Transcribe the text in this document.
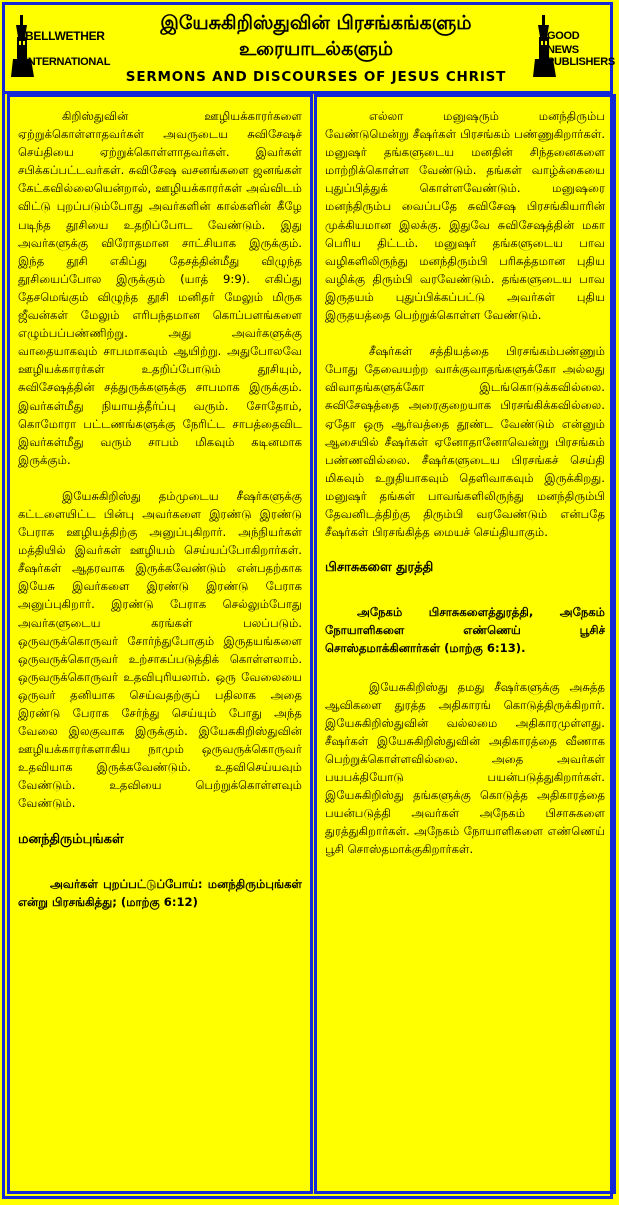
BELLWETHER
INTERNATIONAL
இயேசுகிறிஸ்துவின் பிரசங்கங்களும்
உரையாடல்களும்
SERMONS AND DISCOURSES OF JESUS CHRIST
GOOD NEWS
PUBLISHERS

கிறிஸ்துவின் ஊழியக்காரர்களை ஏற்றுக்கொள்ளாதவர்கள் அவருடைய சுவிசேஷச் செய்தியை ஏற்றுக்கொள்ளாதவர்கள். இவர்கள் சபிக்கப்பட்டவர்கள். சுவிசேஷ வசனங்களை ஜனங்கள் கேட்கவில்லையென்றால், ஊழியக்காரர்கள் அவ்விடம் விட்டு புறப்படும்போது அவர்களின் கால்களின் கீழே படிந்த தூசியை உதறிப்போட வேண்டும். இது அவர்களுக்கு விரோதமான சாட்சியாக இருக்கும். இந்த தூசி எகிப்து தேசத்தின்மீது விழுந்த தூசியைப்போல இருக்கும் (யாத் 9:9). எகிப்து தேசமெங்கும் விழுந்த தூசி மனிதர் மேலும் மிருக ஜீவன்கள் மேலும் எரிபந்தமான கொப்பளங்களை எழும்பப்பண்ணிற்று. அது அவர்களுக்கு வாதையாகவும் சாபமாகவும் ஆயிற்று. அதுபோலவே ஊழியக்காரர்கள் உதறிப்போடும் தூசியும், சுவிசேஷத்தின் சத்துருக்களுக்கு சாபமாக இருக்கும். இவர்கள்மீது நியாயத்தீர்ப்பு வரும். சோதோம், கொமோரா பட்டணங்களுக்கு நேரிட்ட சாபத்தைவிட இவர்கள்மீது வரும் சாபம் மிகவும் கடினமாக இருக்கும்.

இயேசுகிறிஸ்து தம்முடைய சீஷர்களுக்கு கட்டளையிட்ட பின்பு அவர்களை இரண்டு இரண்டு பேராக ஊழியத்திற்கு அனுப்புகிறார். அந்நியர்கள் மத்தியில் இவர்கள் ஊழியம் செய்யப்போகிறார்கள். சீஷர்கள் ஆதரவாக இருக்கவேண்டும் என்பதற்காக இயேசு இவர்களை இரண்டு இரண்டு பேராக அனுப்புகிறார். இரண்டு பேராக செல்லும்போது அவர்களுடைய கரங்கள் பலப்படும். ஒருவருக்கொருவர் சோர்ந்துபோகும் இருதயங்களை ஒருவருக்கொருவர் உற்சாகப்படுத்திக் கொள்ளலாம். ஒருவருக்கொருவர் உதவிபுரியலாம். ஒரு வேலையை ஒருவர் தனியாக செய்வதற்குப் பதிலாக அதை இரண்டு பேராக சேர்ந்து செய்யும் போது அந்த வேலை இலகுவாக இருக்கும். இயேசுகிறிஸ்துவின் ஊழியக்காரர்களாகிய நாமும் ஒருவருக்கொருவர் உதவியாக இருக்கவேண்டும். உதவிசெய்யவும் வேண்டும். உதவியை பெற்றுக்கொள்ளவும் வேண்டும்.

மனந்திரும்புங்கள்

அவர்கள் புறப்பட்டுப்போய்: மனந்திரும்புங்கள் என்று பிரசங்கித்து; (மாற்கு 6:12)

எல்லா மனுஷரும் மனந்திரும்ப வேண்டுமென்று சீஷர்கள் பிரசங்கம் பண்ணுகிறார்கள். மனுஷர் தங்களுடைய மனதின் சிந்தனைகளை மாற்றிக்கொள்ள வேண்டும். தங்கள் வாழ்க்கையை புதுப்பித்துக் கொள்ளவேண்டும். மனுஷரை மனந்திரும்ப வைப்பதே சுவிசேஷ பிரசங்கியாரின் முக்கியமான இலக்கு. இதுவே சுவிசேஷத்தின் மகா பெரிய திட்டம். மனுஷர் தங்களுடைய பாவ வழிகளிலிருந்து மனந்திரும்பி பரிசுத்தமான புதிய வழிக்கு திரும்பி வரவேண்டும். தங்களுடைய பாவ இருதயம் புதுப்பிக்கப்பட்டு அவர்கள் புதிய இருதயத்தை பெற்றுக்கொள்ள வேண்டும்.

சீஷர்கள் சத்தியத்தை பிரசங்கம்பண்ணும் போது தேவையற்ற வாக்குவாதங்களுக்கோ அல்லது விவாதங்களுக்கோ இடங்கொடுக்கவில்லை. சுவிசேஷத்தை அரைகுறையாக பிரசங்கிக்கவில்லை. ஏதோ ஒரு ஆர்வத்தை தூண்ட வேண்டும் என்னும் ஆசையில் சீஷர்கள் ஏனோதானோவென்று பிரசங்கம் பண்ணவில்லை. சீஷர்களுடைய பிரசங்கச் செய்தி மிகவும் உறுதியாகவும் தெளிவாகவும் இருக்கிறது. மனுஷர் தங்கள் பாவங்களிலிருந்து மனந்திரும்பி தேவனிடத்திற்கு திரும்பி வரவேண்டும் என்பதே சீஷர்கள் பிரசங்கித்த மையச் செய்தியாகும்.

பிசாசுகளை துரத்தி

அநேகம் பிசாசுகளைத்துரத்தி, அநேகம் நோயாளிகளை எண்ணெய் பூசிச் சொஸ்தமாக்கினார்கள் (மாற்கு 6:13).

இயேசுகிறிஸ்து தமது சீஷர்களுக்கு அசுத்த ஆவிகளை துரத்த அதிகாரங் கொடுத்திருக்கிறார். இயேசுகிறிஸ்துவின் வல்லமை அதிகாரமுள்ளது. சீஷர்கள் இயேசுகிறிஸ்துவின் அதிகாரத்தை வீணாக பெற்றுக்கொள்ளவில்லை. அதை அவர்கள் பயபக்தியோடு பயன்படுத்துகிறார்கள். இயேசுகிறிஸ்து தங்களுக்கு கொடுத்த அதிகாரத்தை பயன்படுத்தி அவர்கள் அநேகம் பிசாசுகளை துரத்துகிறார்கள். அநேகம் நோயாளிகளை எண்ணெய் பூசி சொஸ்தமாக்குகிறார்கள்.
